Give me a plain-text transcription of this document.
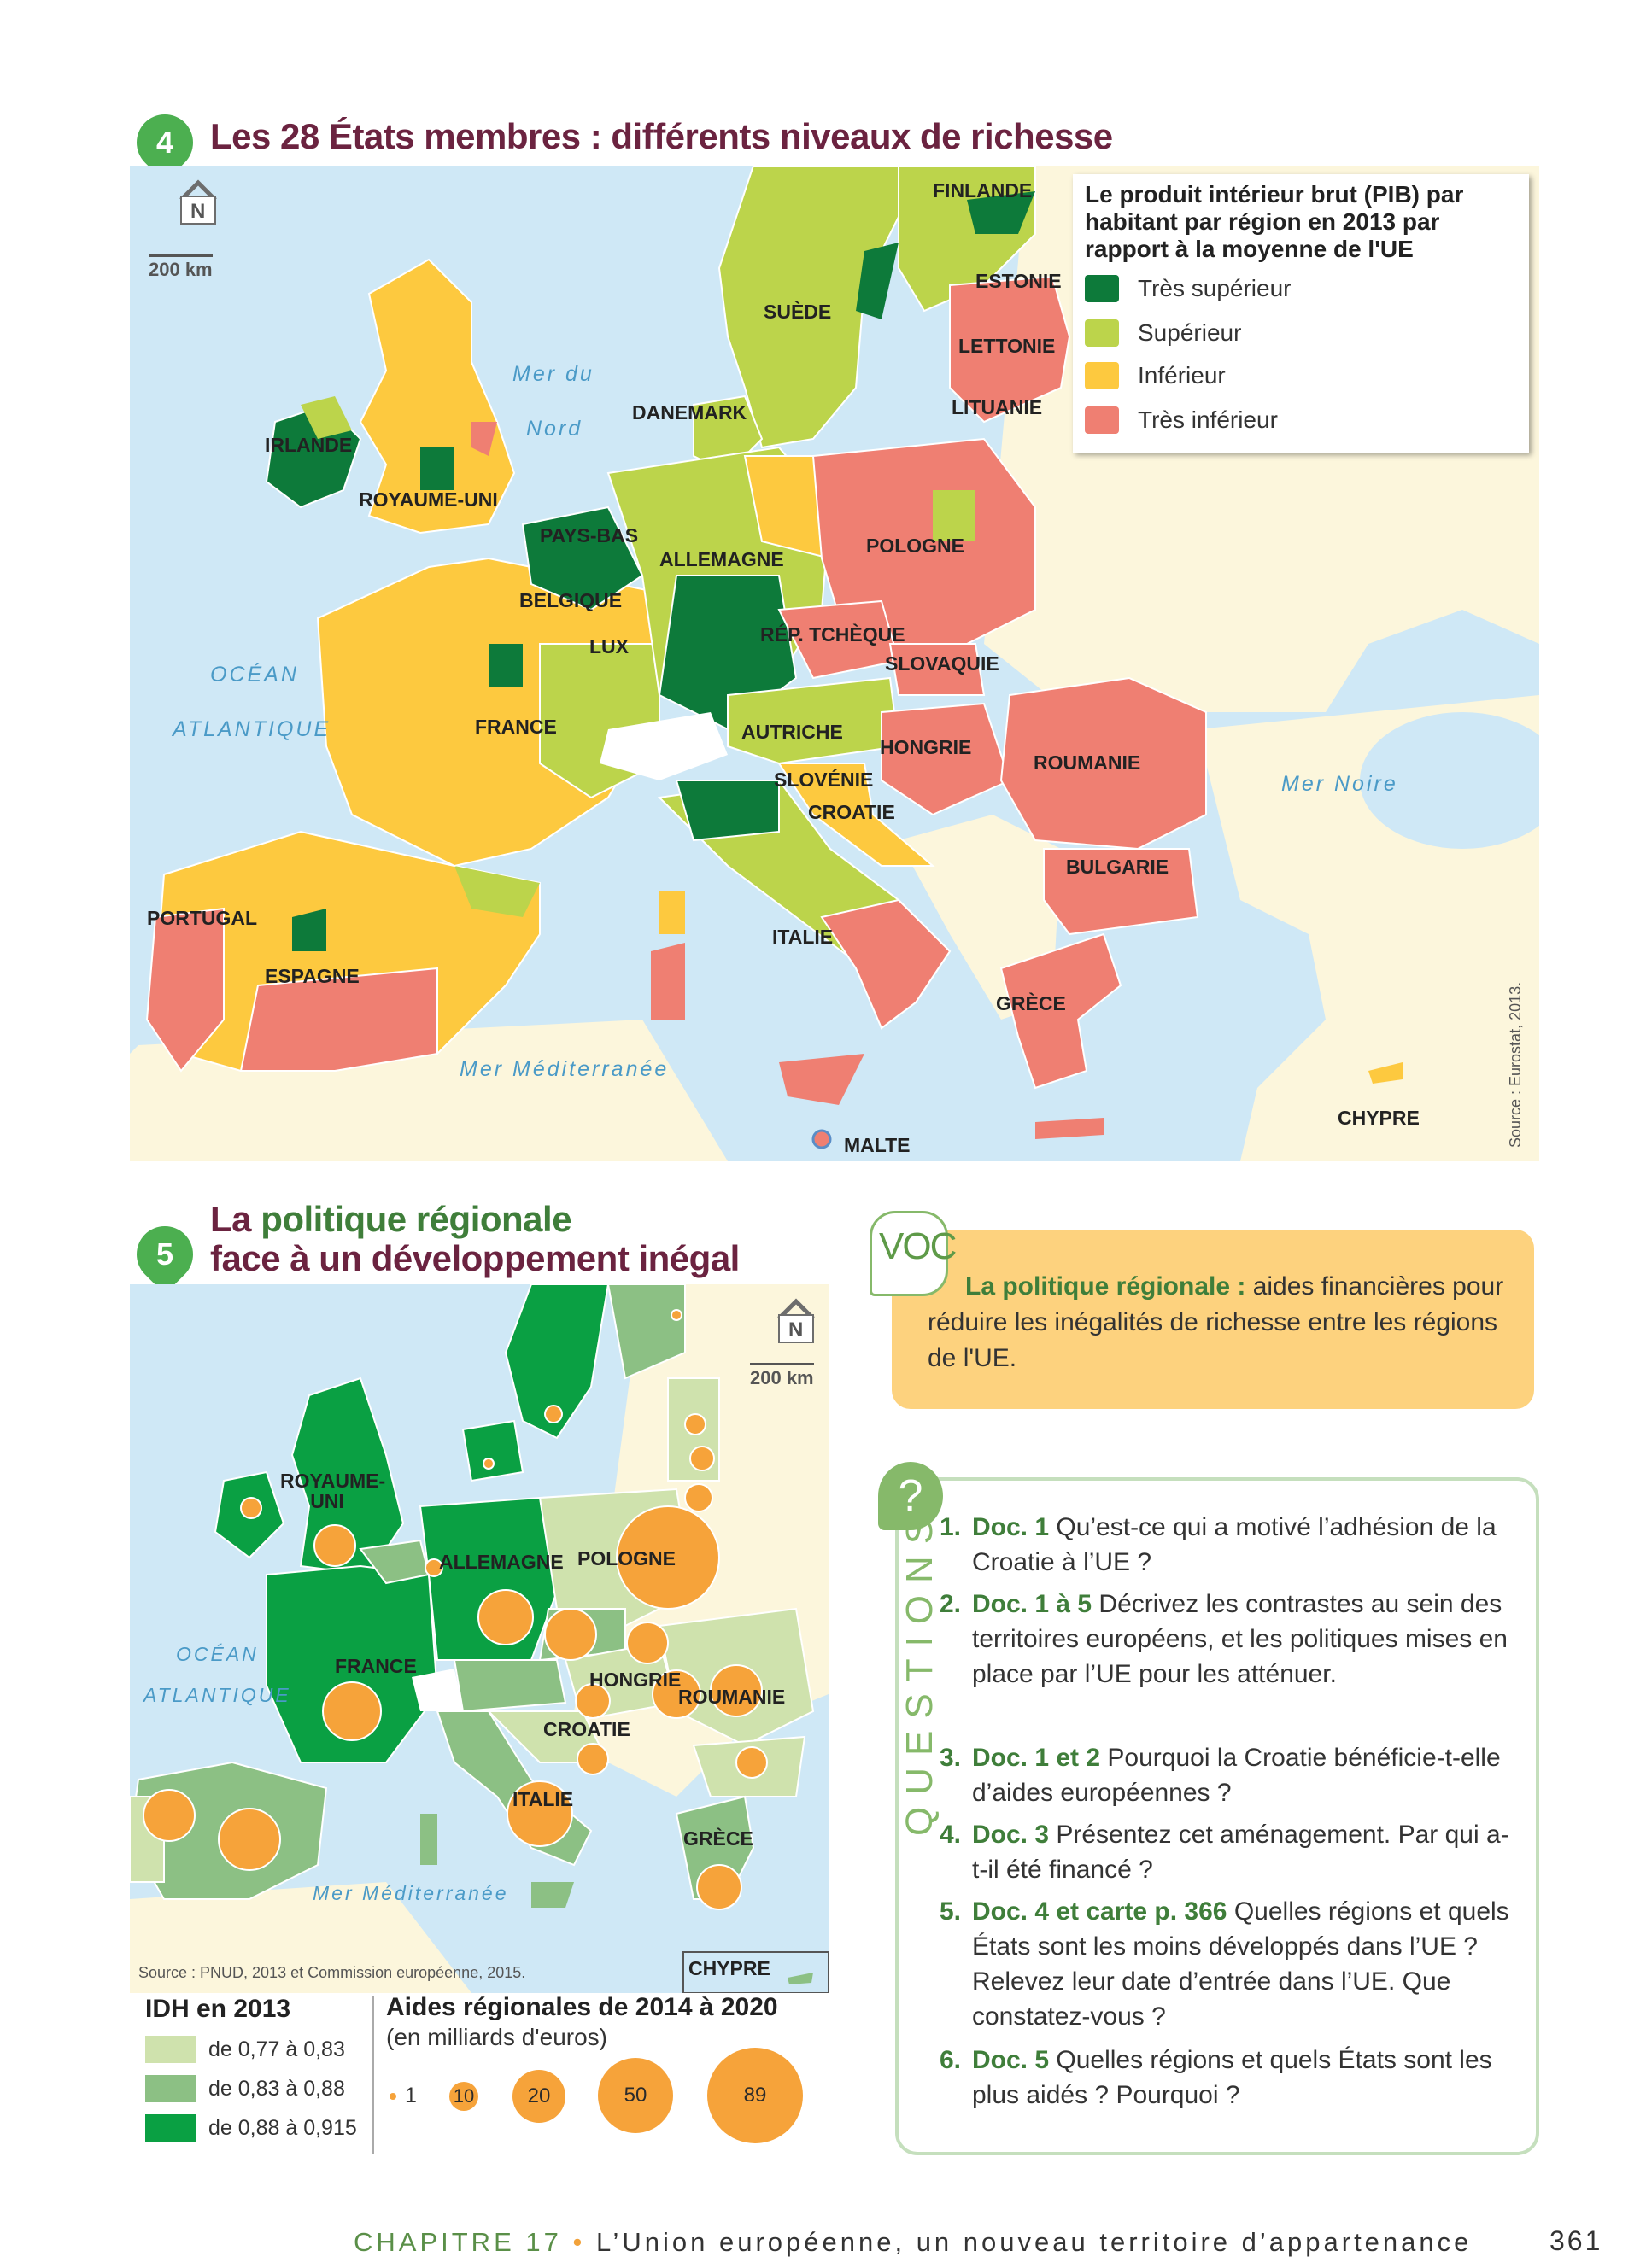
4 Les 28 États membres : différents niveaux de richesse
N
200 km
Source : Eurostat, 2013.
Le produit intérieur brut (PIB) par habitant par région en 2013 par rapport à la moyenne de l'UE
Très supérieur
Supérieur
Inférieur
Très inférieur
FINLANDE
ESTONIE
SUÈDE
LETTONIE
LITUANIE
DANEMARK
IRLANDE
ROYAUME-UNI
PAYS-BAS
ALLEMAGNE
POLOGNE
BELGIQUE
LUX
RÉP. TCHÈQUE
SLOVAQUIE
FRANCE	AUTRICHE
HONGRIE
ROUMANIE
SLOVÉNIE
CROATIE
BULGARIE
PORTUGAL
ESPAGNE
ITALIE
GRÈCE
CHYPRE
MALTE
Mer du
Nord
OCÉAN
ATLANTIQUE
Mer Noire
Mer Méditerranée
5
La politique régionale
face à un développement inégal
N
200 km
Source : PNUD, 2013 et Commission européenne, 2015.
ROYAUME-UNI
ALLEMAGNE POLOGNE
FRANCE
HONGRIE
ROUMANIE
CROATIE
ITALIE
GRÈCE
CHYPRE
OCÉAN
ATLANTIQUE
Mer Méditerranée
IDH en 2013
de 0,77 à 0,83
de 0,83 à 0,88
de 0,88 à 0,915
Aides régionales de 2014 à 2020
(en milliards d'euros)
1 10	20	50	89
VOC
La politique régionale : aides financières pour réduire les inégalités de richesse entre les régions de l'UE.
?
QUESTIONS 1. Doc. 1 Qu’est-ce qui a motivé l’adhésion de la Croatie à l’UE ?
2. Doc. 1 à 5 Décrivez les contrastes au sein des territoires européens, et les politiques mises en place par l’UE pour les atténuer.
3. Doc. 1 et 2 Pourquoi la Croatie bénéficie-t-elle d’aides européennes ?
4. Doc. 3 Présentez cet aménagement. Par qui a-t-il été financé ?
5. Doc. 4 et carte p. 366 Quelles régions et quels États sont les moins développés dans l’UE ? Relevez leur date d’entrée dans l’UE. Que constatez-vous ?
6. Doc. 5 Quelles régions et quels États sont les plus aidés ? Pourquoi ?
CHAPITRE 17 • L’Union européenne, un nouveau territoire d’appartenance	361
